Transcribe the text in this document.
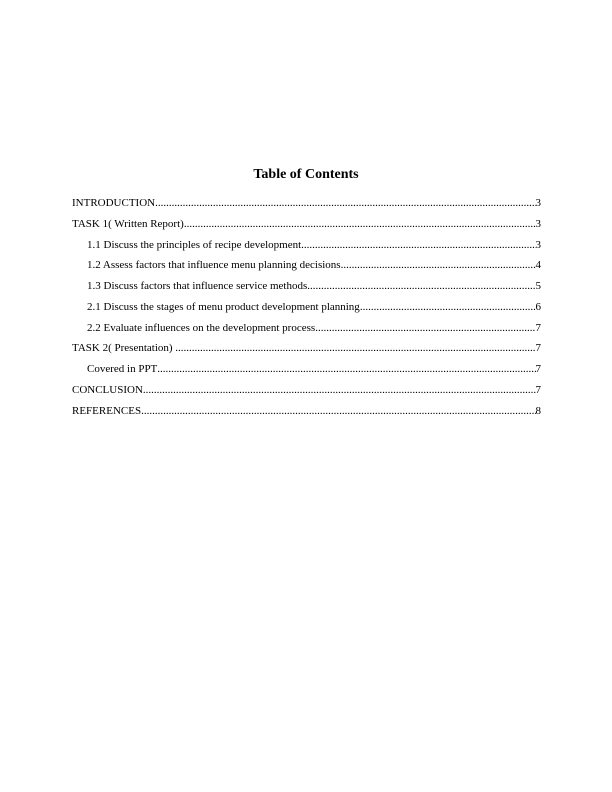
Table of Contents
INTRODUCTION .....	3
TASK 1( Written Report) .....	3
1.1 Discuss the principles of recipe development .....	3
1.2 Assess factors that influence menu planning decisions .....	4
1.3 Discuss factors that influence service methods .....	5
2.1 Discuss the stages of menu product development planning .....	6
2.2 Evaluate influences on the development process .....	7
TASK 2( Presentation) .....	7
Covered in PPT .....	7
CONCLUSION .....	7
REFERENCES .....	8
